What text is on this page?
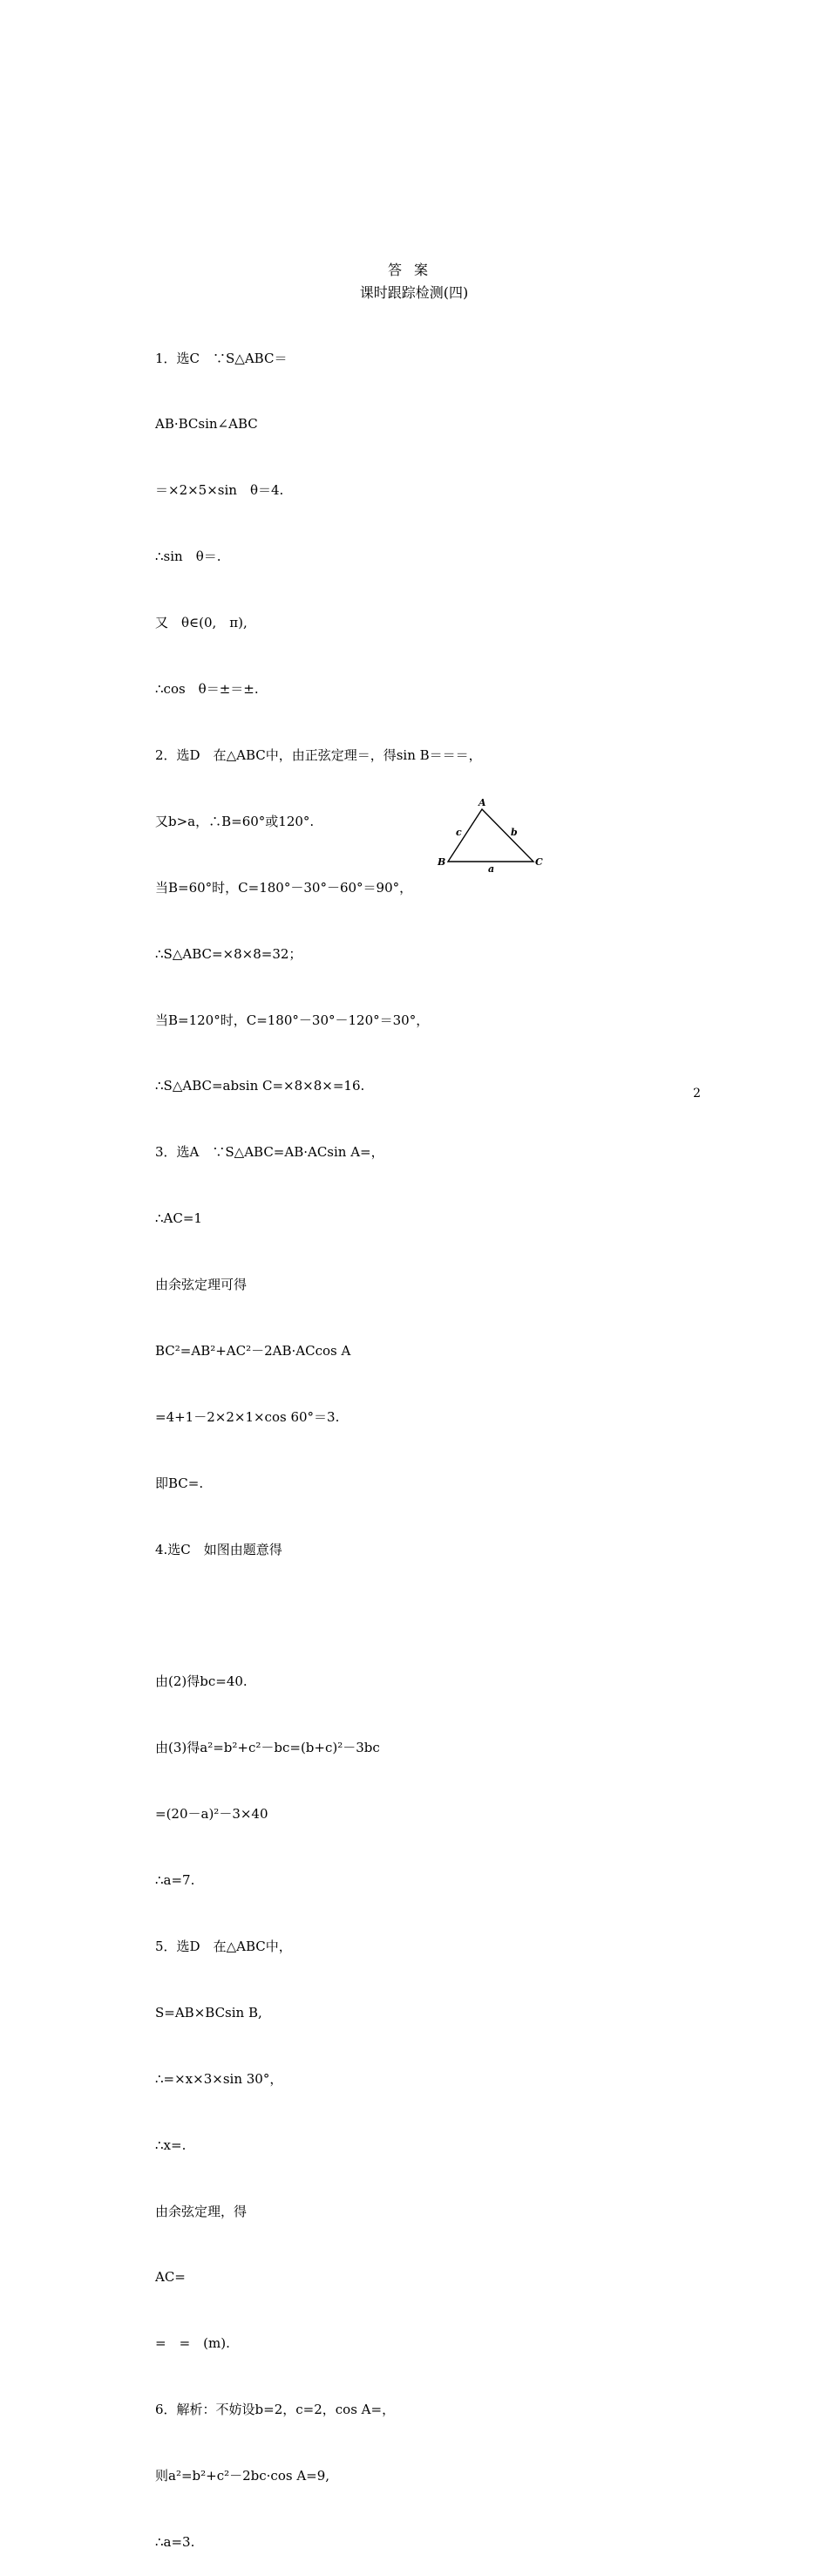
答案
课时跟踪检测(四)

1．选C　∵S△ABC＝

AB·BCsin∠ABC

＝×2×5×sin　θ＝4.

∴sin　θ＝.

又　θ∈(0,　π),

∴cos　θ＝±＝±.

2．选D　在△ABC中，由正弦定理＝，得sin B＝＝＝，

又b>a，∴B=60°或120°.

当B=60°时，C=180°－30°－60°＝90°，

∴S△ABC=×8×8=32；

当B=120°时，C=180°－30°－120°＝30°，

∴S△ABC=absin C=×8×8×=16.

3．选A　∵S△ABC=AB·ACsin A=，

∴AC=1

由余弦定理可得

BC²=AB²+AC²－2AB·ACcos A

=4+1－2×2×1×cos 60°＝3.

即BC=.

4.选C　如图由题意得

由(2)得bc=40.

由(3)得a²=b²+c²－bc=(b+c)²－3bc

=(20－a)²－3×40

∴a=7.

5．选D　在△ABC中，

S=AB×BCsin B,

∴=×x×3×sin 30°，

∴x=.

由余弦定理，得

AC=

=　=　(m).

6．解析：不妨设b=2，c=2，cos A=，

则a²=b²+c²－2bc·cos A=9,

∴a=3.

A
B	C
c	b
a
2
